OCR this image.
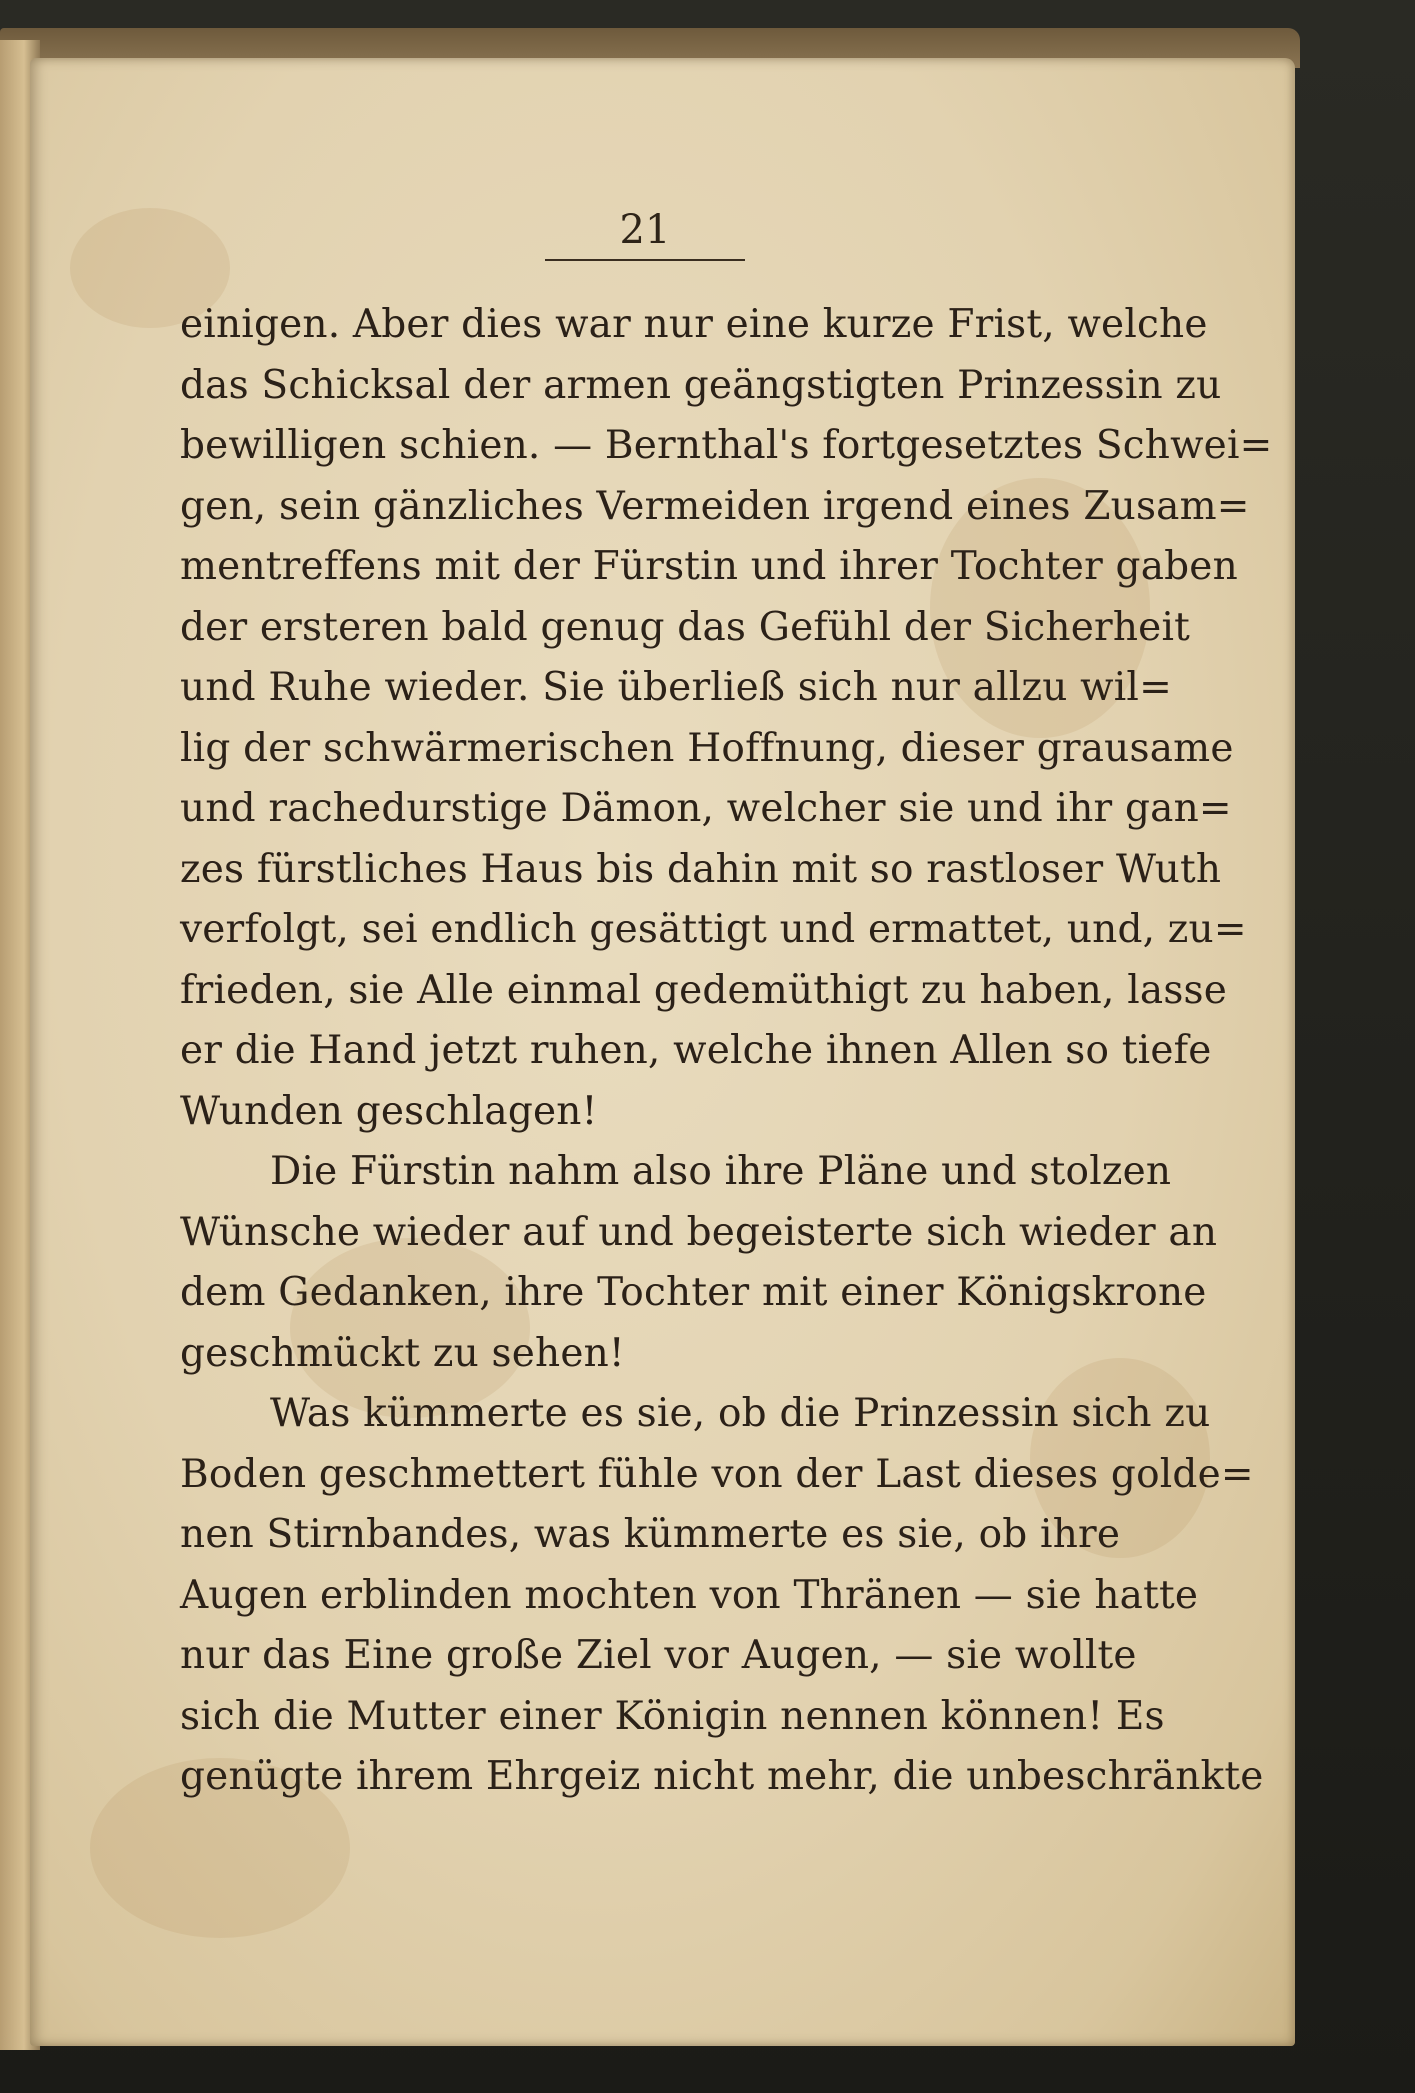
21
einigen. Aber dies war nur eine kurze Frist, welche
das Schicksal der armen geängstigten Prinzessin zu
bewilligen schien. — Bernthal's fortgesetztes Schwei=
gen, sein gänzliches Vermeiden irgend eines Zusam=
mentreffens mit der Fürstin und ihrer Tochter gaben
der ersteren bald genug das Gefühl der Sicherheit
und Ruhe wieder. Sie überließ sich nur allzu wil=
lig der schwärmerischen Hoffnung, dieser grausame
und rachedurstige Dämon, welcher sie und ihr gan=
zes fürstliches Haus bis dahin mit so rastloser Wuth
verfolgt, sei endlich gesättigt und ermattet, und, zu=
frieden, sie Alle einmal gedemüthigt zu haben, lasse
er die Hand jetzt ruhen, welche ihnen Allen so tiefe
Wunden geschlagen!
Die Fürstin nahm also ihre Pläne und stolzen
Wünsche wieder auf und begeisterte sich wieder an
dem Gedanken, ihre Tochter mit einer Königskrone
geschmückt zu sehen!
Was kümmerte es sie, ob die Prinzessin sich zu
Boden geschmettert fühle von der Last dieses golde=
nen Stirnbandes, was kümmerte es sie, ob ihre
Augen erblinden mochten von Thränen — sie hatte
nur das Eine große Ziel vor Augen, — sie wollte
sich die Mutter einer Königin nennen können! Es
genügte ihrem Ehrgeiz nicht mehr, die unbeschränkte
